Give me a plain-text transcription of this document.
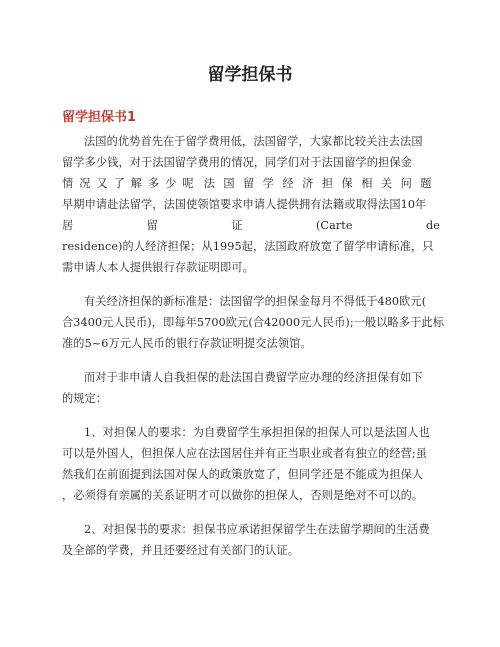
留学担保书
留学担保书1
法国的优势首先在于留学费用低，法国留学，大家都比较关注去法国
留学多少钱，对于法国留学费用的情况，同学们对于法国留学的担保金
情况又了解多少呢 法国留学经济担保相关问题
早期申请赴法留学，法国使领馆要求申请人提供拥有法籍或取得法国10年
居	留	证	(Carte	de
residence)的人经济担保；从1995起，法国政府放宽了留学申请标准，只
需申请人本人提供银行存款证明即可。
有关经济担保的新标准是：法国留学的担保金每月不得低于480欧元(
合3400元人民币)，即每年5700欧元(合42000元人民币);一般以略多于此标
准的5~6万元人民币的银行存款证明提交法领馆。
而对于非申请人自我担保的赴法国自费留学应办理的经济担保有如下
的规定：
1、对担保人的要求：为自费留学生承担担保的担保人可以是法国人也
可以是外国人，但担保人应在法国居住并有正当职业或者有独立的经营;虽
然我们在前面提到法国对保人的政策放宽了，但同学还是不能成为担保人
，必须得有亲属的关系证明才可以做你的担保人，否则是绝对不可以的。
2、对担保书的要求：担保书应承诺担保留学生在法留学期间的生活费
及全部的学费，并且还要经过有关部门的认证。
